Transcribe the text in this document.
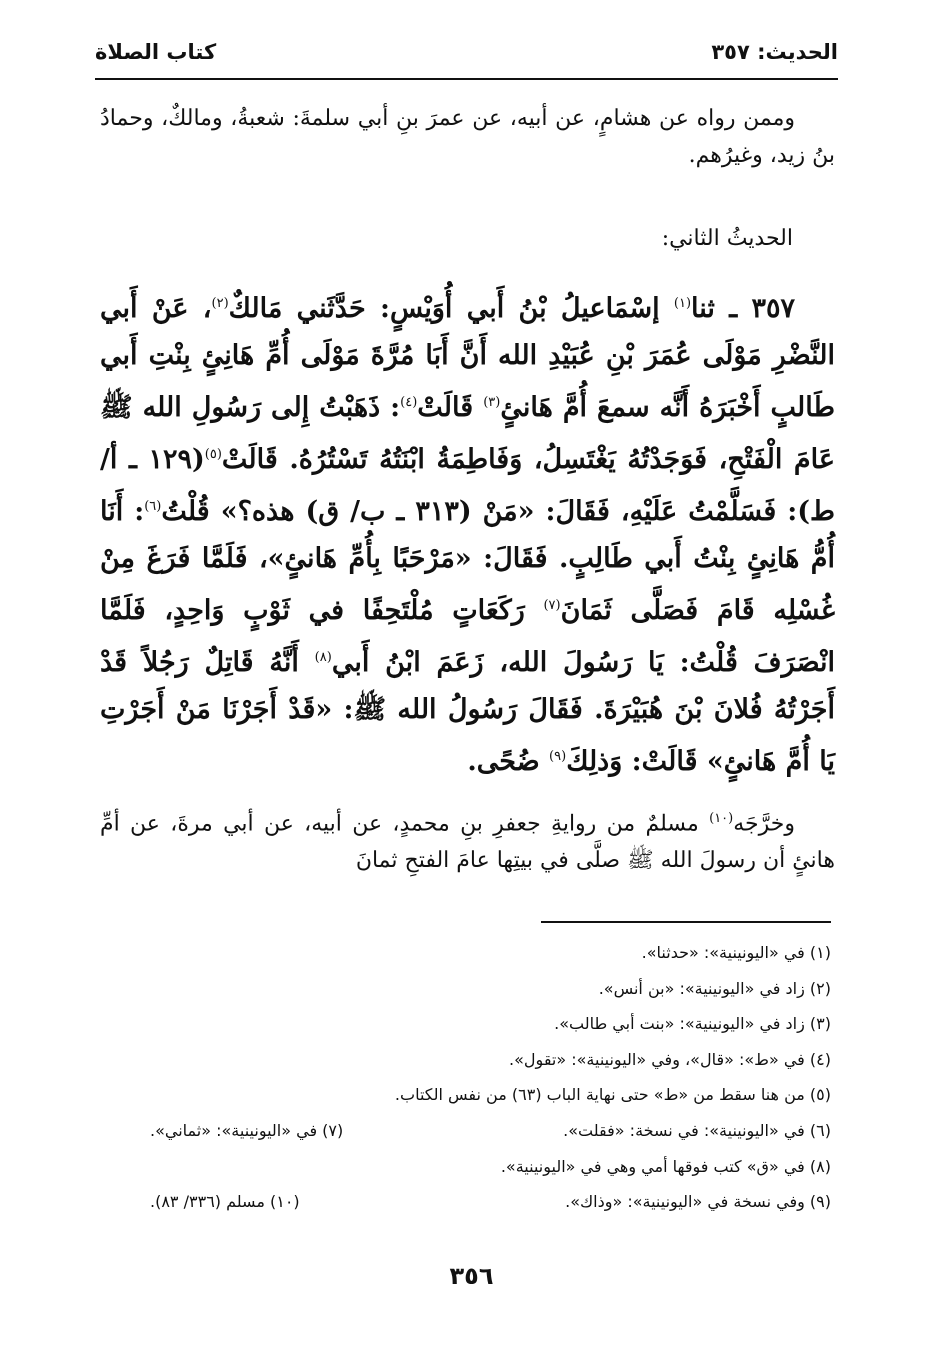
الحديث: ٣٥٧
كتاب الصلاة

وممن رواه عن هشامٍ، عن أبيه، عن عمرَ بنِ أبي سلمةَ: شعبةُ، ومالكٌ، وحمادُ بنُ زيد، وغيرُهم.

الحديثُ الثاني:

٣٥٧ ـ ثنا$^{(١)}$ إسْمَاعيلُ بْنُ أَبي أُوَيْسٍ: حَدَّثَني مَالكٌ$^{(٢)}$، عَنْ أَبي النَّضْرِ مَوْلَى عُمَرَ بْنِ عُبَيْدِ الله أَنَّ أَبَا مُرَّةَ مَوْلَى أُمِّ هَانِئٍ بِنْتِ أَبي طَالبٍ أَخْبَرَهُ أَنَّه سمعَ أُمَّ هَانئٍ$^{(٣)}$ قَالَتْ$^{(٤)}$: ذَهَبْتُ إِلى رَسُولِ الله ﷺ عَامَ الْفَتْحِ، فَوَجَدْتُهُ يَغْتَسِلُ، وَفَاطِمَةُ ابْنَتُهُ تَسْتُرُهُ. قَالَتْ$^{(٥)}$(١٢٩ ـ أ/ ط): فَسَلَّمْتُ عَلَيْهِ، فَقَالَ: «مَنْ (٣١٣ ـ ب/ ق) هذه؟» قُلْتُ$^{(٦)}$: أَنَا أُمُّ هَانِئٍ بِنْتُ أَبي طَالِبٍ. فَقَالَ: «مَرْحَبًا بِأُمِّ هَانئٍ»، فَلَمَّا فَرَغَ مِنْ غُسْلِه قَامَ فَصَلَّى ثَمَانَ$^{(٧)}$ رَكَعَاتٍ مُلْتَحِفًا في ثَوْبٍ وَاحِدٍ، فَلَمَّا انْصَرَفَ قُلْتُ: يَا رَسُولَ الله، زَعَمَ ابْنُ أَبي$^{(٨)}$ أَنَّهُ قَاتِلٌ رَجُلاً قَدْ أَجَرْتُهُ فُلانَ بْنَ هُبَيْرَةَ. فَقَالَ رَسُولُ الله ﷺ: «قَدْ أَجَرْنَا مَنْ أَجَرْتِ يَا أُمَّ هَانئٍ» قَالَتْ: وَذلِكَ$^{(٩)}$ ضُحًى.

وخرَّجَه$^{(١٠)}$ مسلمٌ من روايةِ جعفرِ بنِ محمدٍ، عن أبيه، عن أبي مرةَ، عن أمِّ هانئٍ أن رسولَ الله ﷺ صلَّى في بيتِها عامَ الفتحِ ثمانَ

(١) في «اليونينية»: «حدثنا».
(٢) زاد في «اليونينية»: «بن أنس».
(٣) زاد في «اليونينية»: «بنت أبي طالب».
(٤) في «ط»: «قال»، وفي «اليونينية»: «تقول».
(٥) من هنا سقط من «ط» حتى نهاية الباب (٦٣) من نفس الكتاب.
(٦) في «اليونينية»: في نسخة: «فقلت».
(٧) في «اليونينية»: «ثماني».
(٨) في «ق» كتب فوقها أمي وهي في «اليونينية».
(٩) وفي نسخة في «اليونينية»: «وذاك».
(١٠) مسلم (٣٣٦/ ٨٣).
٣٥٦
